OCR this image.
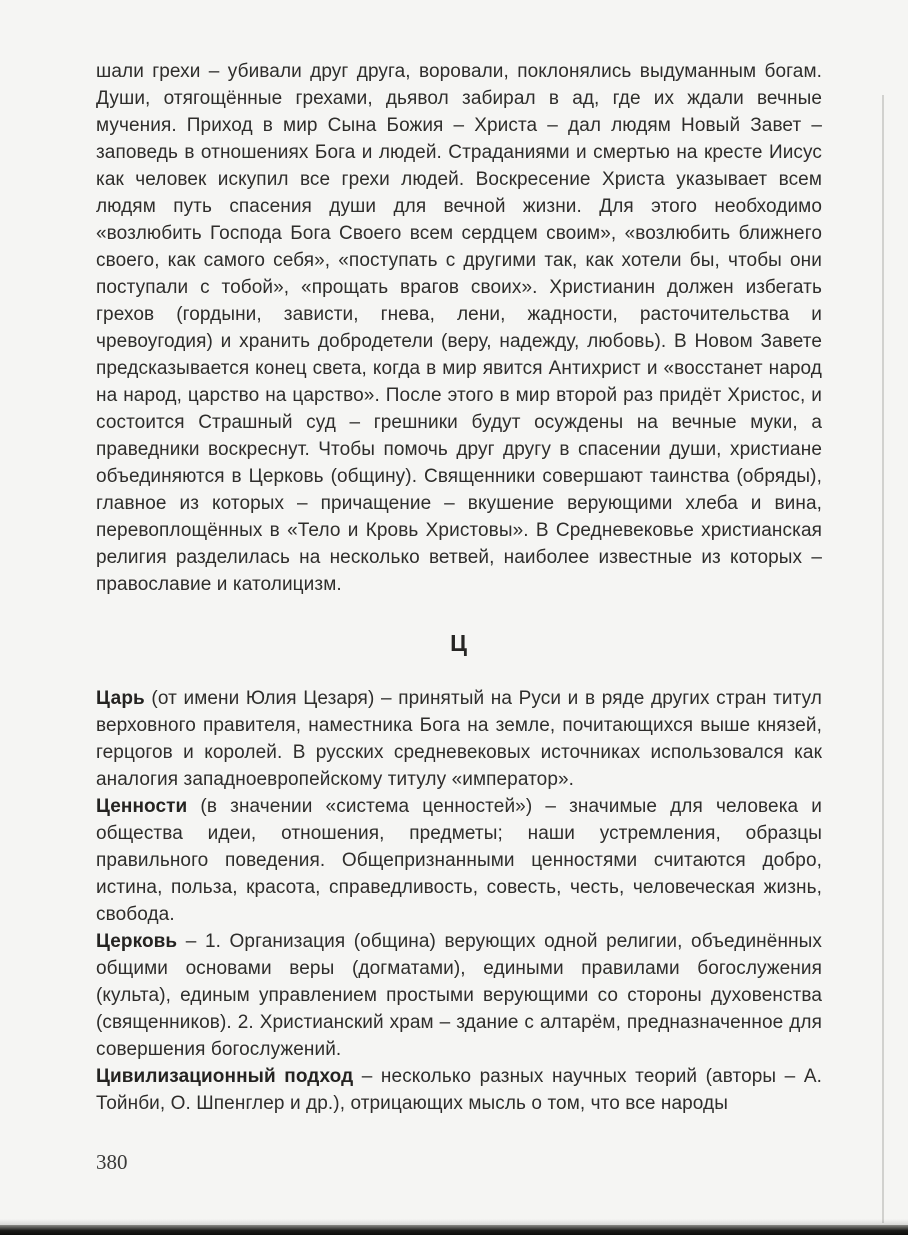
шали грехи – убивали друг друга, воровали, поклонялись выдуманным богам. Души, отягощённые грехами, дьявол забирал в ад, где их ждали вечные мучения. Приход в мир Сына Божия – Христа – дал людям Новый Завет – заповедь в отношениях Бога и людей. Страданиями и смертью на кресте Иисус как человек искупил все грехи людей. Воскресение Христа указывает всем людям путь спасения души для вечной жизни. Для этого необходимо «возлюбить Господа Бога Своего всем сердцем своим», «возлюбить ближнего своего, как самого себя», «поступать с другими так, как хотели бы, чтобы они поступали с тобой», «прощать врагов своих». Христианин должен избегать грехов (гордыни, зависти, гнева, лени, жадности, расточительства и чревоугодия) и хранить добродетели (веру, надежду, любовь). В Новом Завете предсказывается конец света, когда в мир явится Антихрист и «восстанет народ на народ, царство на царство». После этого в мир второй раз придёт Христос, и состоится Страшный суд – грешники будут осуждены на вечные муки, а праведники воскреснут. Чтобы помочь друг другу в спасении души, христиане объединяются в Церковь (общину). Священники совершают таинства (обряды), главное из которых – причащение – вкушение верующими хлеба и вина, перевоплощённых в «Тело и Кровь Христовы». В Средневековье христианская религия разделилась на несколько ветвей, наиболее известные из которых – православие и католицизм.

Ц

Царь (от имени Юлия Цезаря) – принятый на Руси и в ряде других стран титул верховного правителя, наместника Бога на земле, почитающихся выше князей, герцогов и королей. В русских средневековых источниках использовался как аналогия западноевропейскому титулу «император».

Ценности (в значении «система ценностей») – значимые для человека и общества идеи, отношения, предметы; наши устремления, образцы правильного поведения. Общепризнанными ценностями считаются добро, истина, польза, красота, справедливость, совесть, честь, человеческая жизнь, свобода.

Церковь – 1. Организация (община) верующих одной религии, объединённых общими основами веры (догматами), едиными правилами богослужения (культа), единым управлением простыми верующими со стороны духовенства (священников). 2. Христианский храм – здание с алтарём, предназначенное для совершения богослужений.

Цивилизационный подход – несколько разных научных теорий (авторы – А. Тойнби, О. Шпенглер и др.), отрицающих мысль о том, что все народы

380
